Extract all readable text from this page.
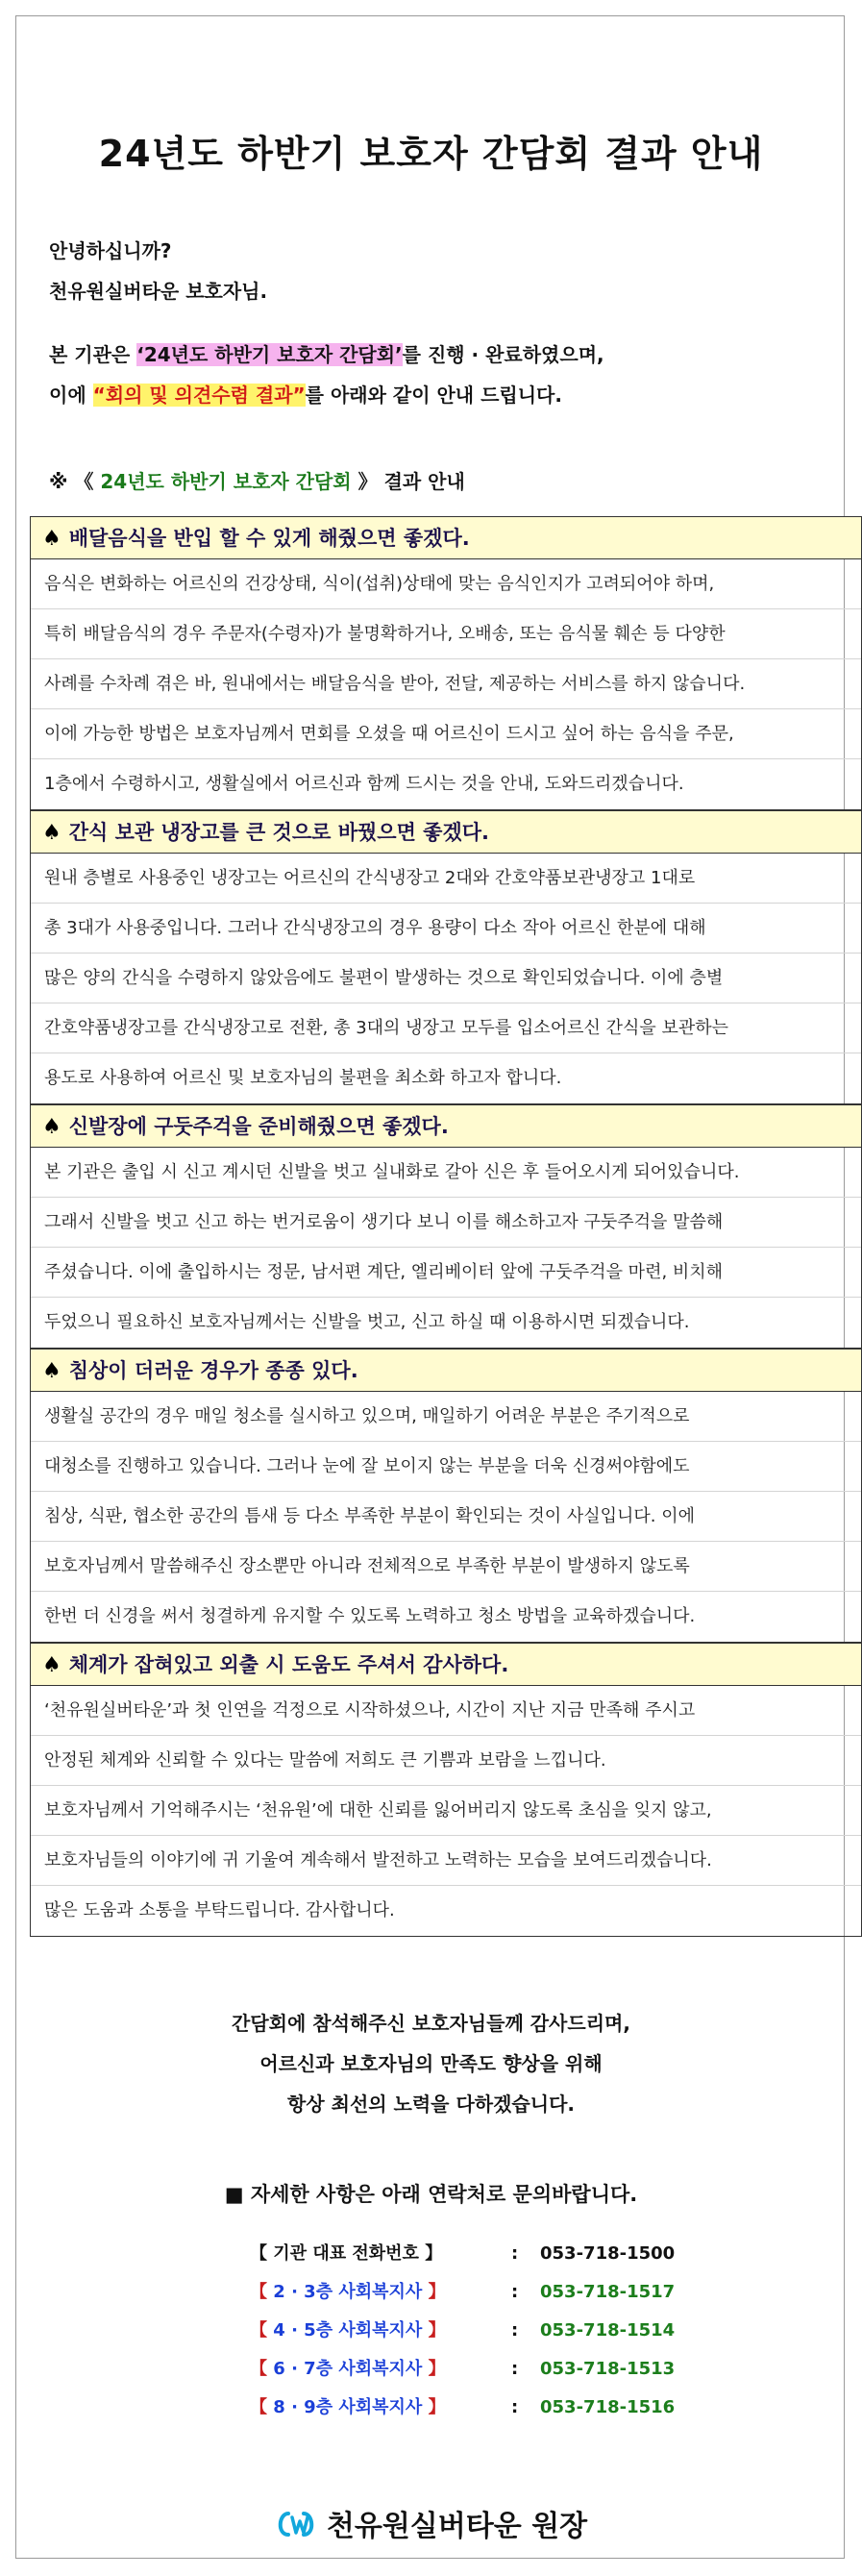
24년도 하반기 보호자 간담회 결과 안내
안녕하십니까?
천유원실버타운 보호자님.
본 기관은 ‘24년도 하반기 보호자 간담회’를 진행 · 완료하였으며,
이에 “회의 및 의견수렴 결과”를 아래와 같이 안내 드립니다.
※ 《 24년도 하반기 보호자 간담회 》 결과 안내
♠ 배달음식을 반입 할 수 있게 해줬으면 좋겠다.
음식은 변화하는 어르신의 건강상태, 식이(섭취)상태에 맞는 음식인지가 고려되어야 하며,
특히 배달음식의 경우 주문자(수령자)가 불명확하거나, 오배송, 또는 음식물 훼손 등 다양한
사례를 수차례 겪은 바, 원내에서는 배달음식을 받아, 전달, 제공하는 서비스를 하지 않습니다.
이에 가능한 방법은 보호자님께서 면회를 오셨을 때 어르신이 드시고 싶어 하는 음식을 주문,
1층에서 수령하시고, 생활실에서 어르신과 함께 드시는 것을 안내, 도와드리겠습니다.
♠ 간식 보관 냉장고를 큰 것으로 바꿨으면 좋겠다.
원내 층별로 사용중인 냉장고는 어르신의 간식냉장고 2대와 간호약품보관냉장고 1대로
총 3대가 사용중입니다. 그러나 간식냉장고의 경우 용량이 다소 작아 어르신 한분에 대해
많은 양의 간식을 수령하지 않았음에도 불편이 발생하는 것으로 확인되었습니다. 이에 층별
간호약품냉장고를 간식냉장고로 전환, 총 3대의 냉장고 모두를 입소어르신 간식을 보관하는
용도로 사용하여 어르신 및 보호자님의 불편을 최소화 하고자 합니다.
♠ 신발장에 구둣주걱을 준비해줬으면 좋겠다.
본 기관은 출입 시 신고 계시던 신발을 벗고 실내화로 갈아 신은 후 들어오시게 되어있습니다.
그래서 신발을 벗고 신고 하는 번거로움이 생기다 보니 이를 해소하고자 구둣주걱을 말씀해
주셨습니다. 이에 출입하시는 정문, 남서편 계단, 엘리베이터 앞에 구둣주걱을 마련, 비치해
두었으니 필요하신 보호자님께서는 신발을 벗고, 신고 하실 때 이용하시면 되겠습니다.
♠ 침상이 더러운 경우가 종종 있다.
생활실 공간의 경우 매일 청소를 실시하고 있으며, 매일하기 어려운 부분은 주기적으로
대청소를 진행하고 있습니다. 그러나 눈에 잘 보이지 않는 부분을 더욱 신경써야함에도
침상, 식판, 협소한 공간의 틈새 등 다소 부족한 부분이 확인되는 것이 사실입니다. 이에
보호자님께서 말씀해주신 장소뿐만 아니라 전체적으로 부족한 부분이 발생하지 않도록
한번 더 신경을 써서 청결하게 유지할 수 있도록 노력하고 청소 방법을 교육하겠습니다.
♠ 체계가 잡혀있고 외출 시 도움도 주셔서 감사하다.
‘천유원실버타운’과 첫 인연을 걱정으로 시작하셨으나, 시간이 지난 지금 만족해 주시고
안정된 체계와 신뢰할 수 있다는 말씀에 저희도 큰 기쁨과 보람을 느낍니다.
보호자님께서 기억해주시는 ‘천유원’에 대한 신뢰를 잃어버리지 않도록 초심을 잊지 않고,
보호자님들의 이야기에 귀 기울여 계속해서 발전하고 노력하는 모습을 보여드리겠습니다.
많은 도움과 소통을 부탁드립니다. 감사합니다.
간담회에 참석해주신 보호자님들께 감사드리며,
어르신과 보호자님의 만족도 향상을 위해
항상 최선의 노력을 다하겠습니다.
■ 자세한 사항은 아래 연락처로 문의바랍니다.
【 기관 대표 전화번호 】	: 053-718-1500
【 2 · 3층 사회복지사 】	: 053-718-1517
【 4 · 5층 사회복지사 】	: 053-718-1514
【 6 · 7층 사회복지사 】	: 053-718-1513
【 8 · 9층 사회복지사 】	: 053-718-1516
천유원실버타운 원장
